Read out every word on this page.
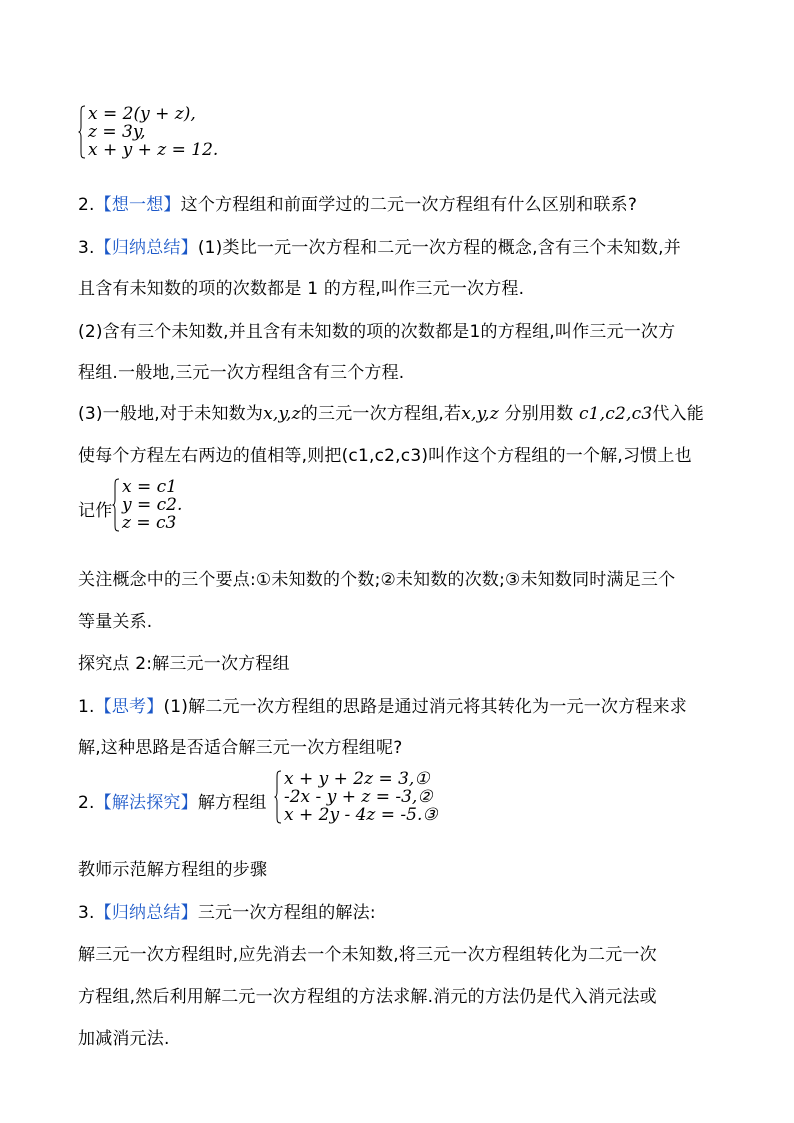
x = 2(y + z),
z = 3y,
x + y + z = 12.
2.【想一想】这个方程组和前面学过的二元一次方程组有什么区别和联系?
3.【归纳总结】(1)类比一元一次方程和二元一次方程的概念,含有三个未知数,并
且含有未知数的项的次数都是 1 的方程,叫作三元一次方程.
(2)含有三个未知数,并且含有未知数的项的次数都是1的方程组,叫作三元一次方
程组.一般地,三元一次方程组含有三个方程.
(3)一般地,对于未知数为x,y,z的三元一次方程组,若x,y,z 分别用数 c1,c2,c3代入能
使每个方程左右两边的值相等,则把(c1,c2,c3)叫作这个方程组的一个解,习惯上也
记作
x = c1
y = c2.
z = c3
关注概念中的三个要点:①未知数的个数;②未知数的次数;③未知数同时满足三个
等量关系.
探究点 2:解三元一次方程组
1.【思考】(1)解二元一次方程组的思路是通过消元将其转化为一元一次方程来求
解,这种思路是否适合解三元一次方程组呢?
2.【解法探究】解方程组
x + y + 2z = 3,①
-2x - y + z = -3,②
x + 2y - 4z = -5.③
教师示范解方程组的步骤
3.【归纳总结】三元一次方程组的解法:
解三元一次方程组时,应先消去一个未知数,将三元一次方程组转化为二元一次
方程组,然后利用解二元一次方程组的方法求解.消元的方法仍是代入消元法或
加减消元法.
